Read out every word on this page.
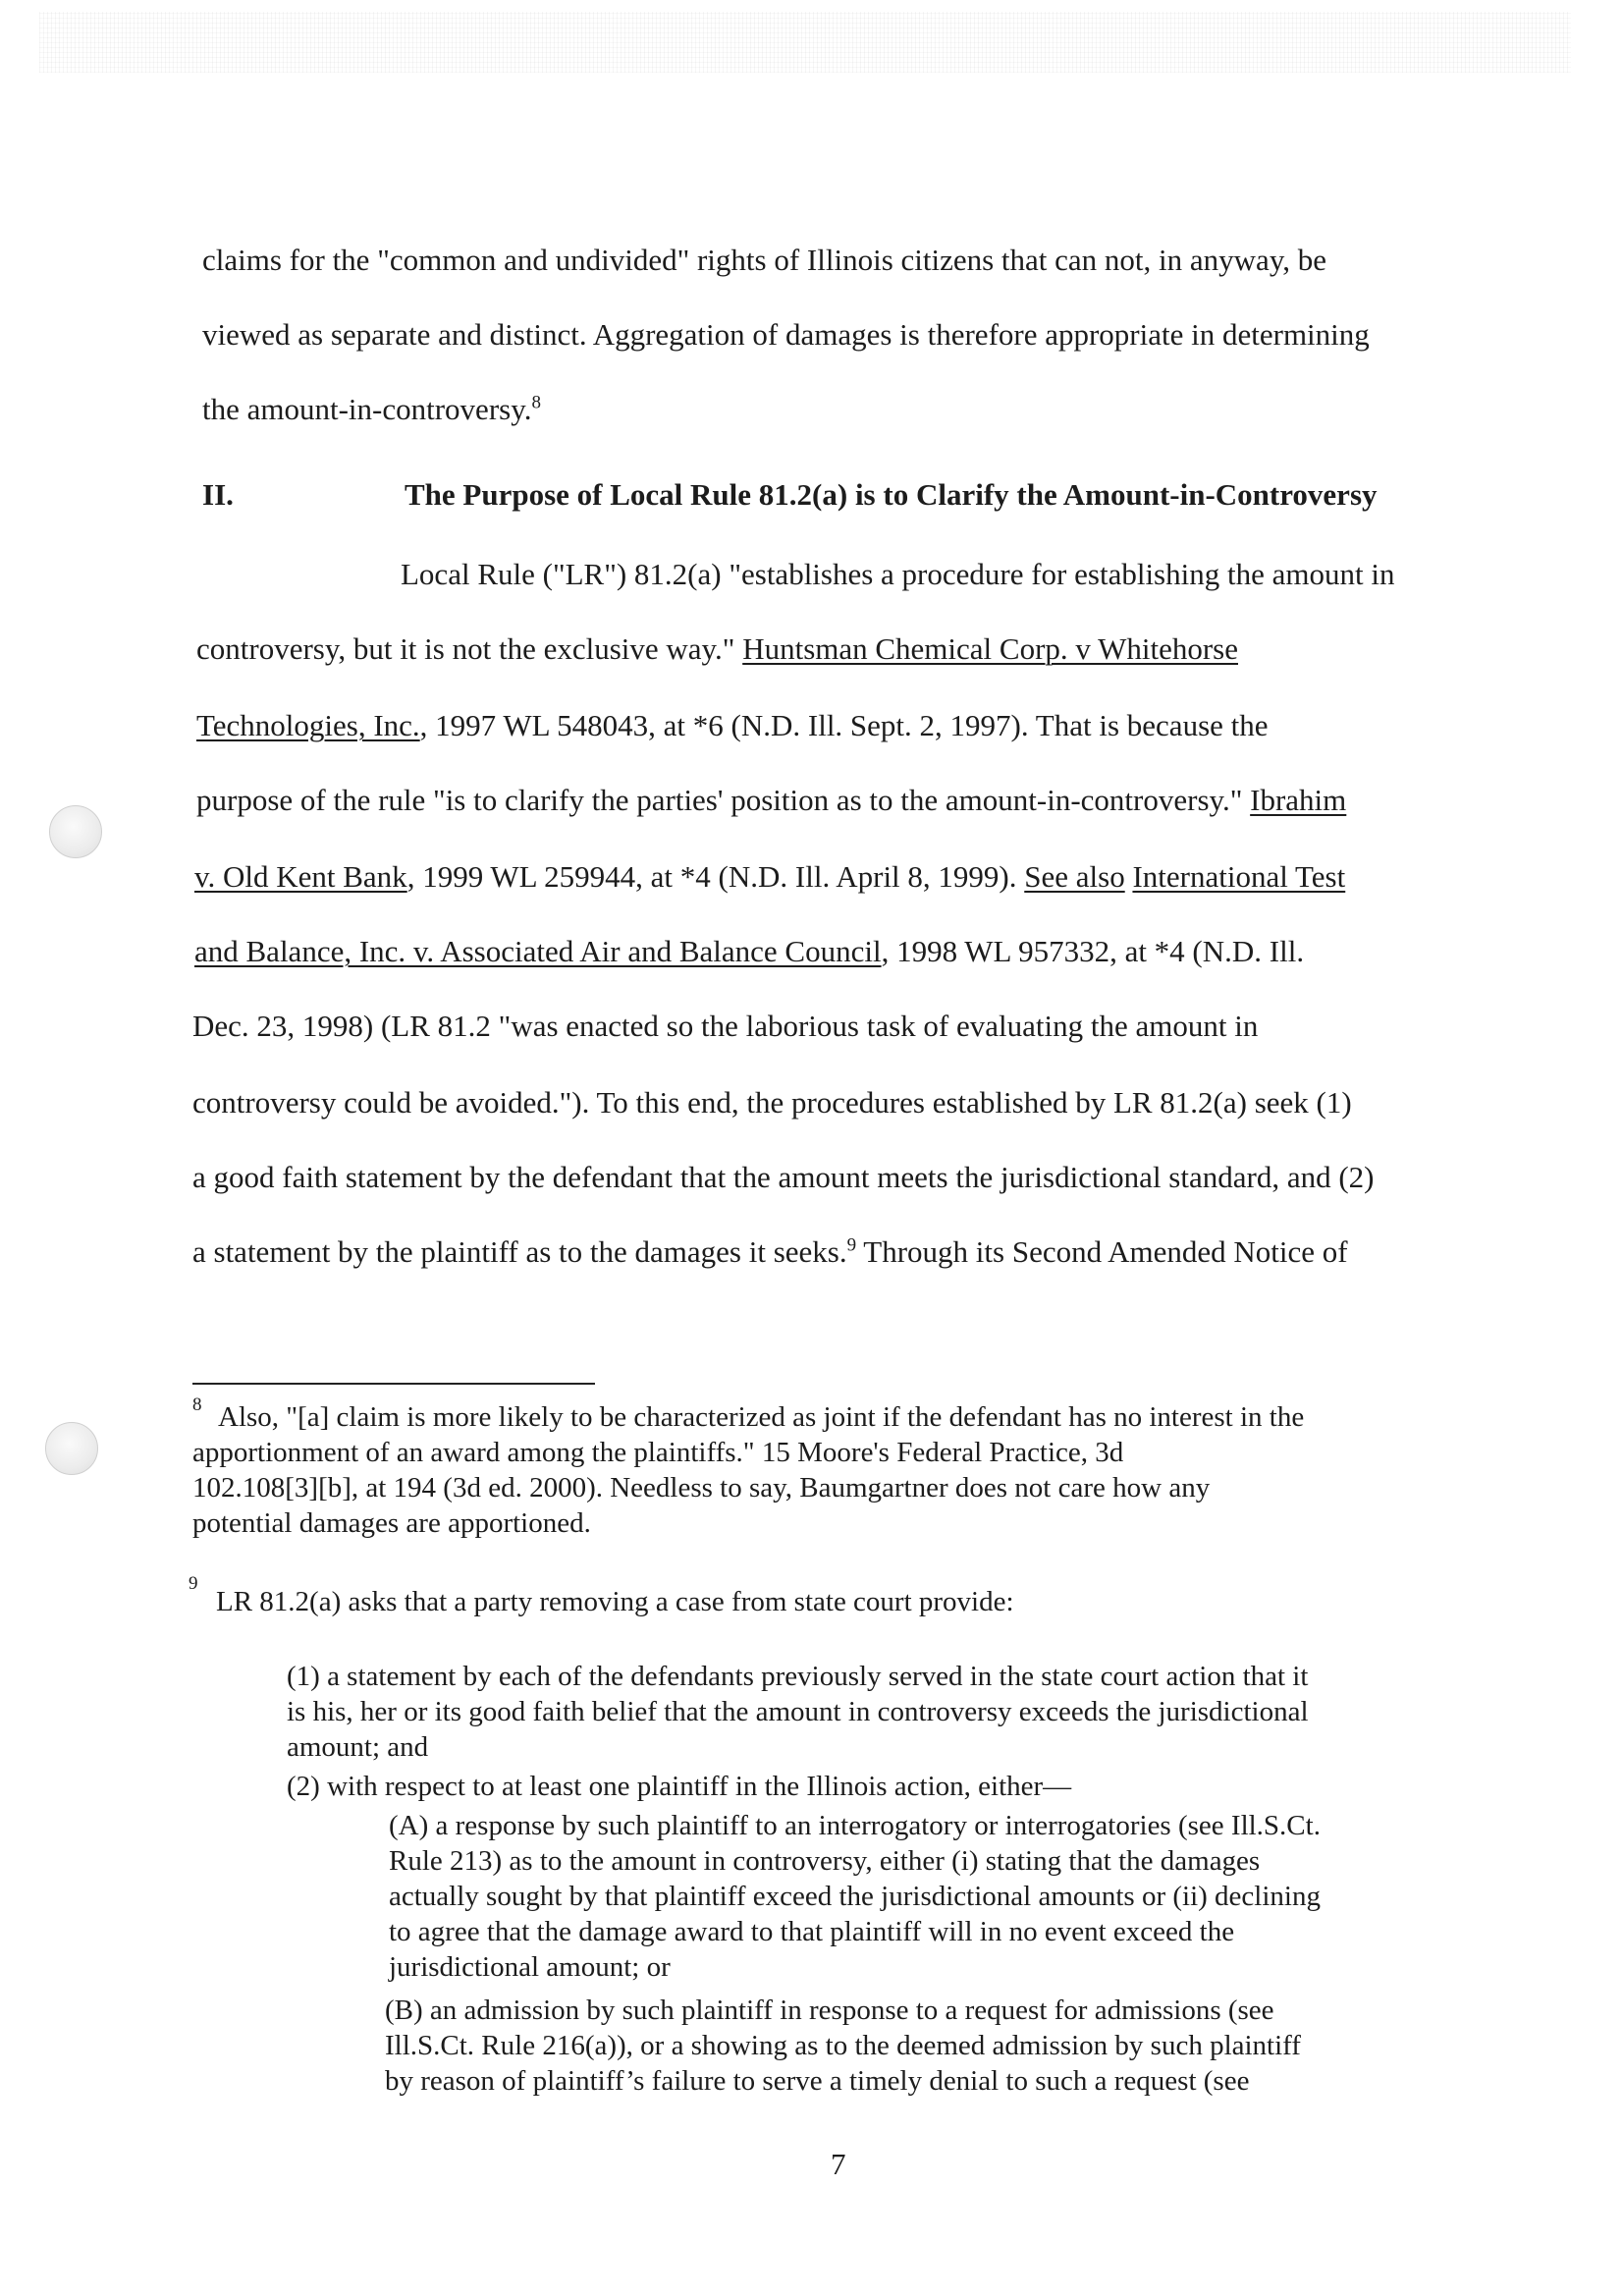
claims for the "common and undivided" rights of Illinois citizens that can not, in anyway, be
viewed as separate and distinct. Aggregation of damages is therefore appropriate in determining
the amount-in-controversy.$^8$
Local Rule ("LR") 81.2(a) "establishes a procedure for establishing the amount in
controversy, but it is not the exclusive way." Huntsman Chemical Corp. v Whitehorse
Technologies, Inc., 1997 WL 548043, at *6 (N.D. Ill. Sept. 2, 1997). That is because the
purpose of the rule "is to clarify the parties' position as to the amount-in-controversy." Ibrahim
v. Old Kent Bank, 1999 WL 259944, at *4 (N.D. Ill. April 8, 1999). See also International Test
and Balance, Inc. v. Associated Air and Balance Council, 1998 WL 957332, at *4 (N.D. Ill.
Dec. 23, 1998) (LR 81.2 "was enacted so the laborious task of evaluating the amount in
controversy could be avoided."). To this end, the procedures established by LR 81.2(a) seek (1)
a good faith statement by the defendant that the amount meets the jurisdictional standard, and (2)
a statement by the plaintiff as to the damages it seeks.$^9$ Through its Second Amended Notice of
II.	The Purpose of Local Rule 81.2(a) is to Clarify the Amount-in-Controversy
8 Also, "[a] claim is more likely to be characterized as joint if the defendant has no interest in the
apportionment of an award among the plaintiffs." 15 Moore's Federal Practice, 3d
102.108[3][b], at 194 (3d ed. 2000). Needless to say, Baumgartner does not care how any
potential damages are apportioned.
9
LR 81.2(a) asks that a party removing a case from state court provide:
(1) a statement by each of the defendants previously served in the state court action that it
is his, her or its good faith belief that the amount in controversy exceeds the jurisdictional
amount; and
(2) with respect to at least one plaintiff in the Illinois action, either—
(A) a response by such plaintiff to an interrogatory or interrogatories (see Ill.S.Ct.
Rule 213) as to the amount in controversy, either (i) stating that the damages
actually sought by that plaintiff exceed the jurisdictional amounts or (ii) declining
to agree that the damage award to that plaintiff will in no event exceed the
jurisdictional amount; or
(B) an admission by such plaintiff in response to a request for admissions (see
Ill.S.Ct. Rule 216(a)), or a showing as to the deemed admission by such plaintiff
by reason of plaintiff’s failure to serve a timely denial to such a request (see
7
